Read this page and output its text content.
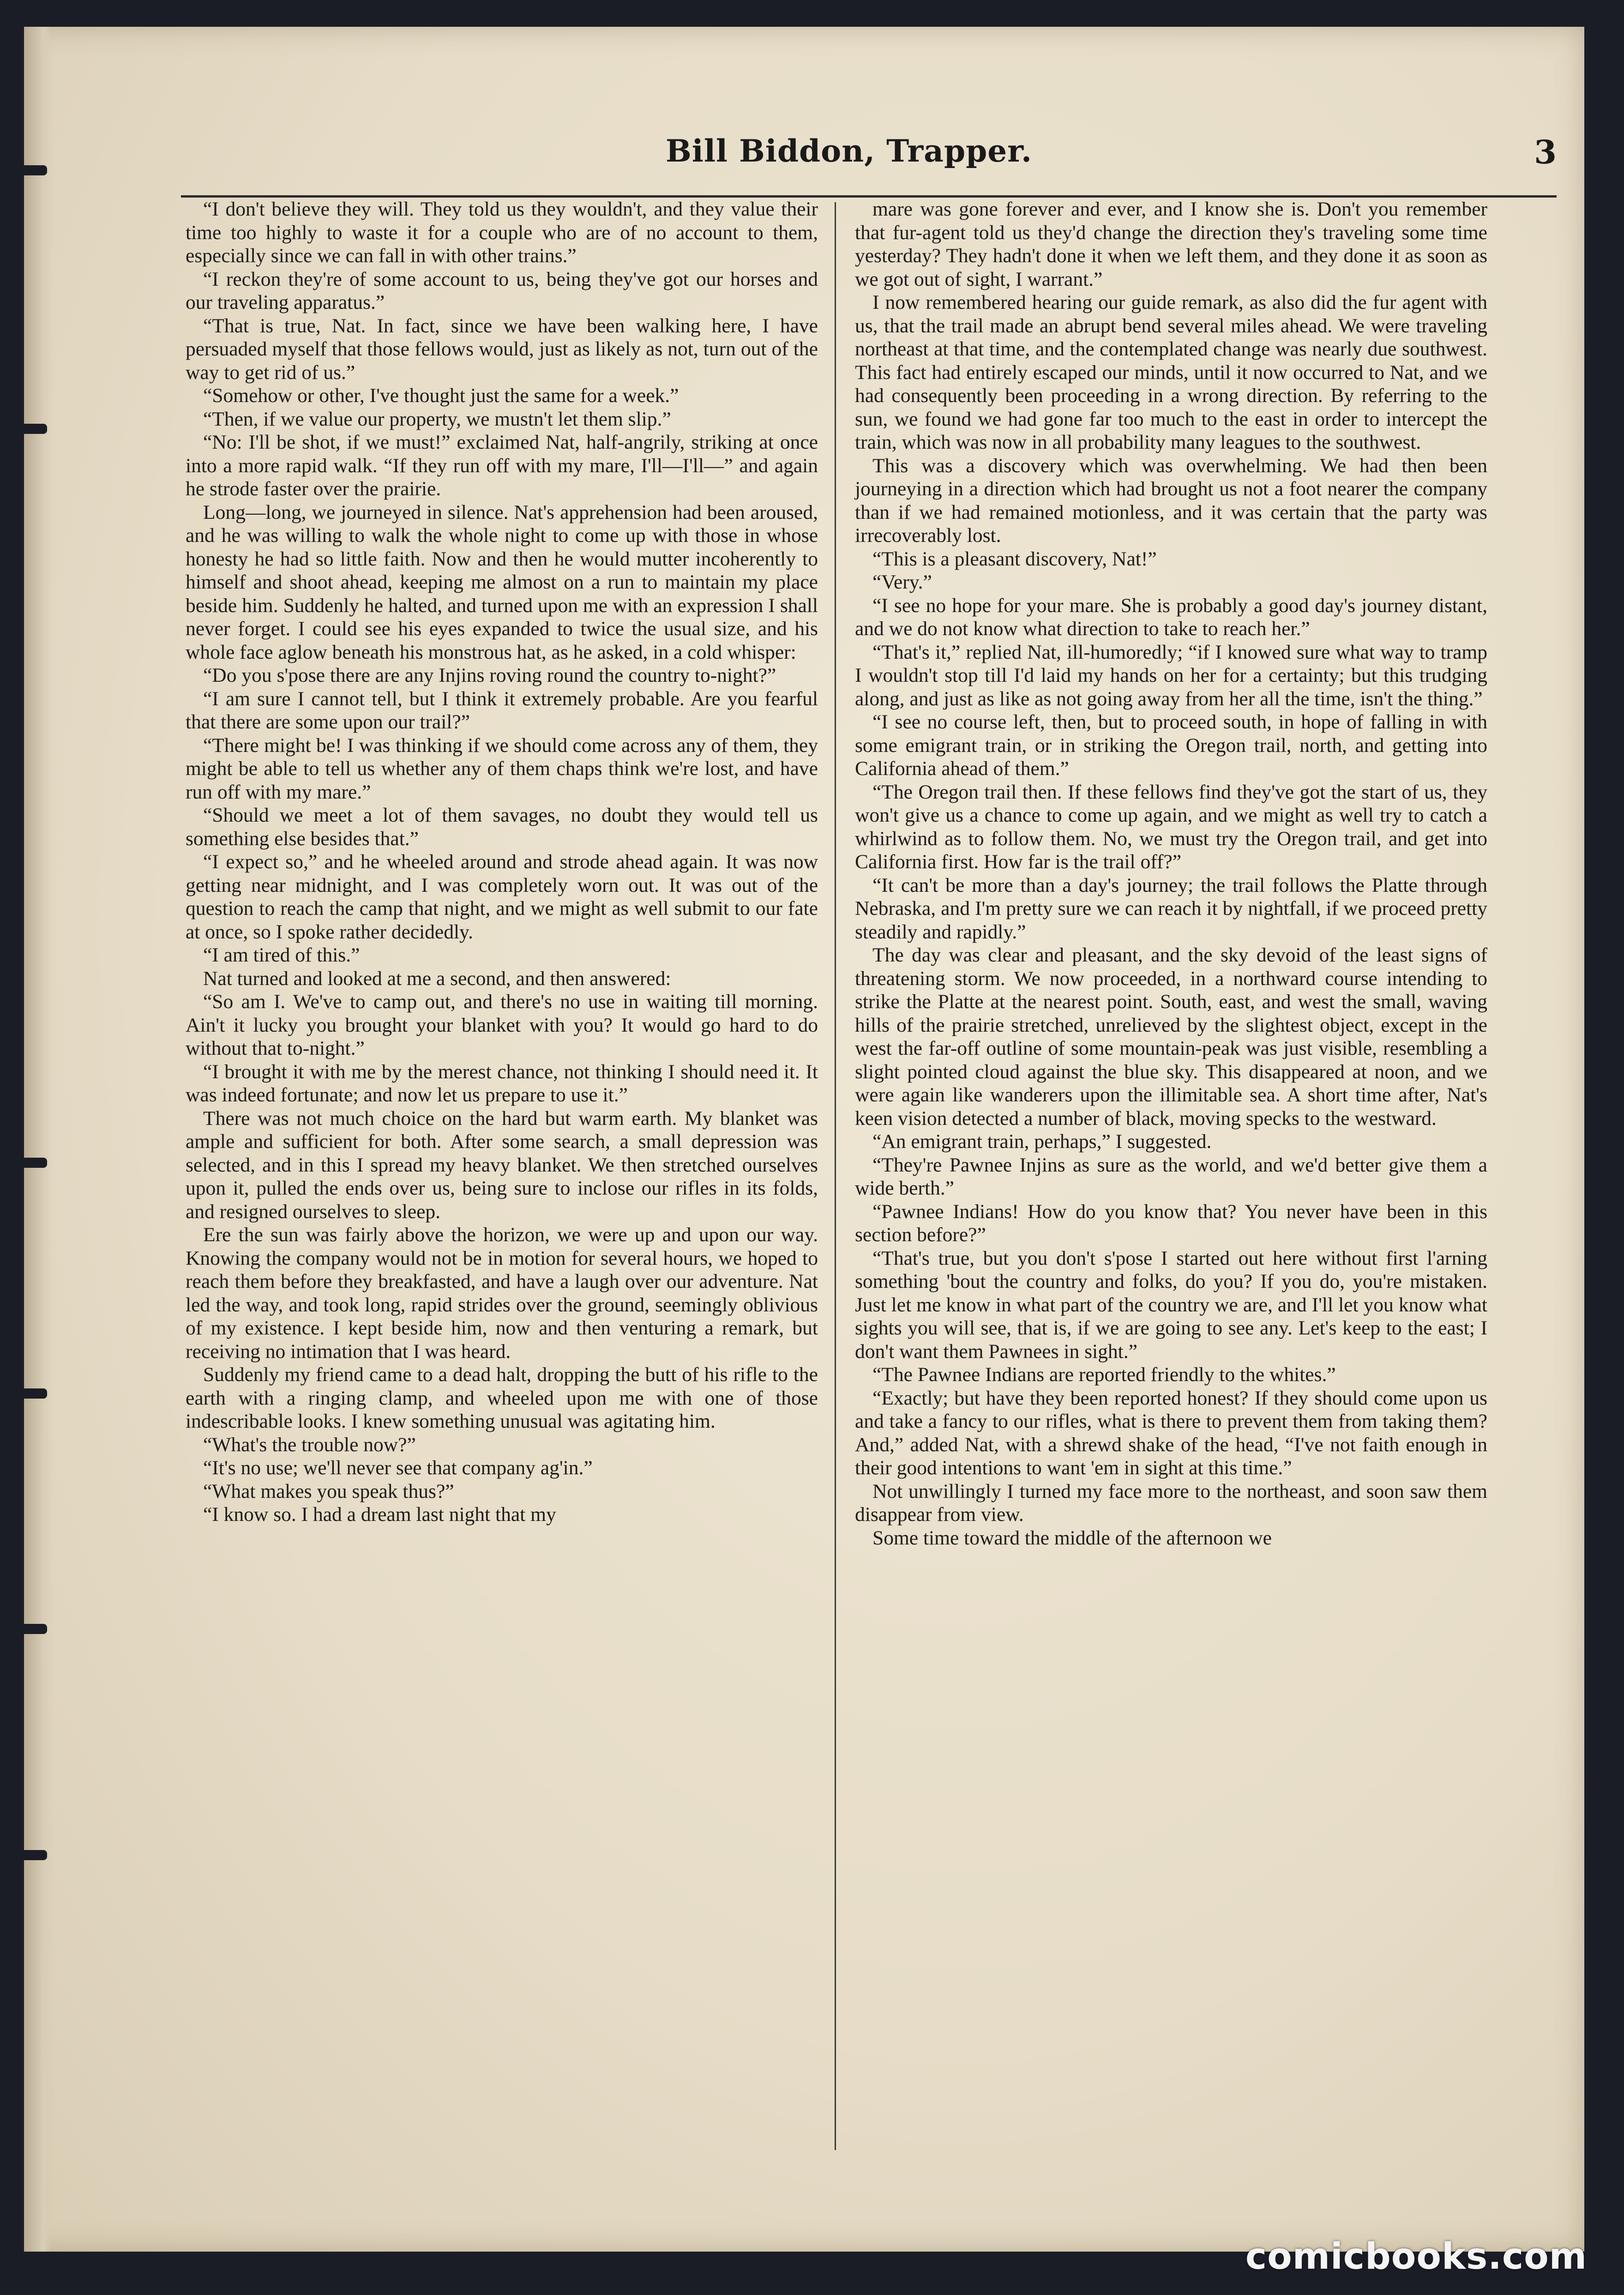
Bill Biddon, Trapper.	3

“I don't believe they will. They told us they wouldn't, and they value their time too highly to waste it for a couple who are of no account to them, especially since we can fall in with other trains.”

“I reckon they're of some account to us, being they've got our horses and our traveling apparatus.”

“That is true, Nat. In fact, since we have been walking here, I have persuaded myself that those fellows would, just as likely as not, turn out of the way to get rid of us.”

“Somehow or other, I've thought just the same for a week.”

“Then, if we value our property, we mustn't let them slip.”

“No: I'll be shot, if we must!” exclaimed Nat, half-angrily, striking at once into a more rapid walk. “If they run off with my mare, I'll—I'll—” and again he strode faster over the prairie.

Long—long, we journeyed in silence. Nat's apprehension had been aroused, and he was willing to walk the whole night to come up with those in whose honesty he had so little faith. Now and then he would mutter incoherently to himself and shoot ahead, keeping me almost on a run to maintain my place beside him. Suddenly he halted, and turned upon me with an expression I shall never forget. I could see his eyes expanded to twice the usual size, and his whole face aglow beneath his monstrous hat, as he asked, in a cold whisper:

“Do you s'pose there are any Injins roving round the country to-night?”

“I am sure I cannot tell, but I think it extremely probable. Are you fearful that there are some upon our trail?”

“There might be! I was thinking if we should come across any of them, they might be able to tell us whether any of them chaps think we're lost, and have run off with my mare.”

“Should we meet a lot of them savages, no doubt they would tell us something else besides that.”

“I expect so,” and he wheeled around and strode ahead again. It was now getting near midnight, and I was completely worn out. It was out of the question to reach the camp that night, and we might as well submit to our fate at once, so I spoke rather decidedly.

“I am tired of this.”

Nat turned and looked at me a second, and then answered:

“So am I. We've to camp out, and there's no use in waiting till morning. Ain't it lucky you brought your blanket with you? It would go hard to do without that to-night.”

“I brought it with me by the merest chance, not thinking I should need it. It was indeed fortunate; and now let us prepare to use it.”

There was not much choice on the hard but warm earth. My blanket was ample and sufficient for both. After some search, a small depression was selected, and in this I spread my heavy blanket. We then stretched ourselves upon it, pulled the ends over us, being sure to inclose our rifles in its folds, and resigned ourselves to sleep.

Ere the sun was fairly above the horizon, we were up and upon our way. Knowing the company would not be in motion for several hours, we hoped to reach them before they breakfasted, and have a laugh over our adventure. Nat led the way, and took long, rapid strides over the ground, seemingly oblivious of my existence. I kept beside him, now and then venturing a remark, but receiving no intimation that I was heard.

Suddenly my friend came to a dead halt, dropping the butt of his rifle to the earth with a ringing clamp, and wheeled upon me with one of those indescribable looks. I knew something unusual was agitating him.

“What's the trouble now?”

“It's no use; we'll never see that company ag'in.”

“What makes you speak thus?”

“I know so. I had a dream last night that my

mare was gone forever and ever, and I know she is. Don't you remember that fur-agent told us they'd change the direction they's traveling some time yesterday? They hadn't done it when we left them, and they done it as soon as we got out of sight, I warrant.”

I now remembered hearing our guide remark, as also did the fur agent with us, that the trail made an abrupt bend several miles ahead. We were traveling northeast at that time, and the contemplated change was nearly due southwest. This fact had entirely escaped our minds, until it now occurred to Nat, and we had consequently been proceeding in a wrong direction. By referring to the sun, we found we had gone far too much to the east in order to intercept the train, which was now in all probability many leagues to the southwest.

This was a discovery which was overwhelming. We had then been journeying in a direction which had brought us not a foot nearer the company than if we had remained motionless, and it was certain that the party was irrecoverably lost.

“This is a pleasant discovery, Nat!”

“Very.”

“I see no hope for your mare. She is probably a good day's journey distant, and we do not know what direction to take to reach her.”

“That's it,” replied Nat, ill-humoredly; “if I knowed sure what way to tramp I wouldn't stop till I'd laid my hands on her for a certainty; but this trudging along, and just as like as not going away from her all the time, isn't the thing.”

“I see no course left, then, but to proceed south, in hope of falling in with some emigrant train, or in striking the Oregon trail, north, and getting into California ahead of them.”

“The Oregon trail then. If these fellows find they've got the start of us, they won't give us a chance to come up again, and we might as well try to catch a whirlwind as to follow them. No, we must try the Oregon trail, and get into California first. How far is the trail off?”

“It can't be more than a day's journey; the trail follows the Platte through Nebraska, and I'm pretty sure we can reach it by nightfall, if we proceed pretty steadily and rapidly.”

The day was clear and pleasant, and the sky devoid of the least signs of threatening storm. We now proceeded, in a northward course intending to strike the Platte at the nearest point. South, east, and west the small, waving hills of the prairie stretched, unrelieved by the slightest object, except in the west the far-off outline of some mountain-peak was just visible, resembling a slight pointed cloud against the blue sky. This disappeared at noon, and we were again like wanderers upon the illimitable sea. A short time after, Nat's keen vision detected a number of black, moving specks to the westward.

“An emigrant train, perhaps,” I suggested.

“They're Pawnee Injins as sure as the world, and we'd better give them a wide berth.”

“Pawnee Indians! How do you know that? You never have been in this section before?”

“That's true, but you don't s'pose I started out here without first l'arning something 'bout the country and folks, do you? If you do, you're mistaken. Just let me know in what part of the country we are, and I'll let you know what sights you will see, that is, if we are going to see any. Let's keep to the east; I don't want them Pawnees in sight.”

“The Pawnee Indians are reported friendly to the whites.”

“Exactly; but have they been reported honest? If they should come upon us and take a fancy to our rifles, what is there to prevent them from taking them? And,” added Nat, with a shrewd shake of the head, “I've not faith enough in their good intentions to want 'em in sight at this time.”

Not unwillingly I turned my face more to the northeast, and soon saw them disappear from view.

Some time toward the middle of the afternoon we

comicbooks.com
